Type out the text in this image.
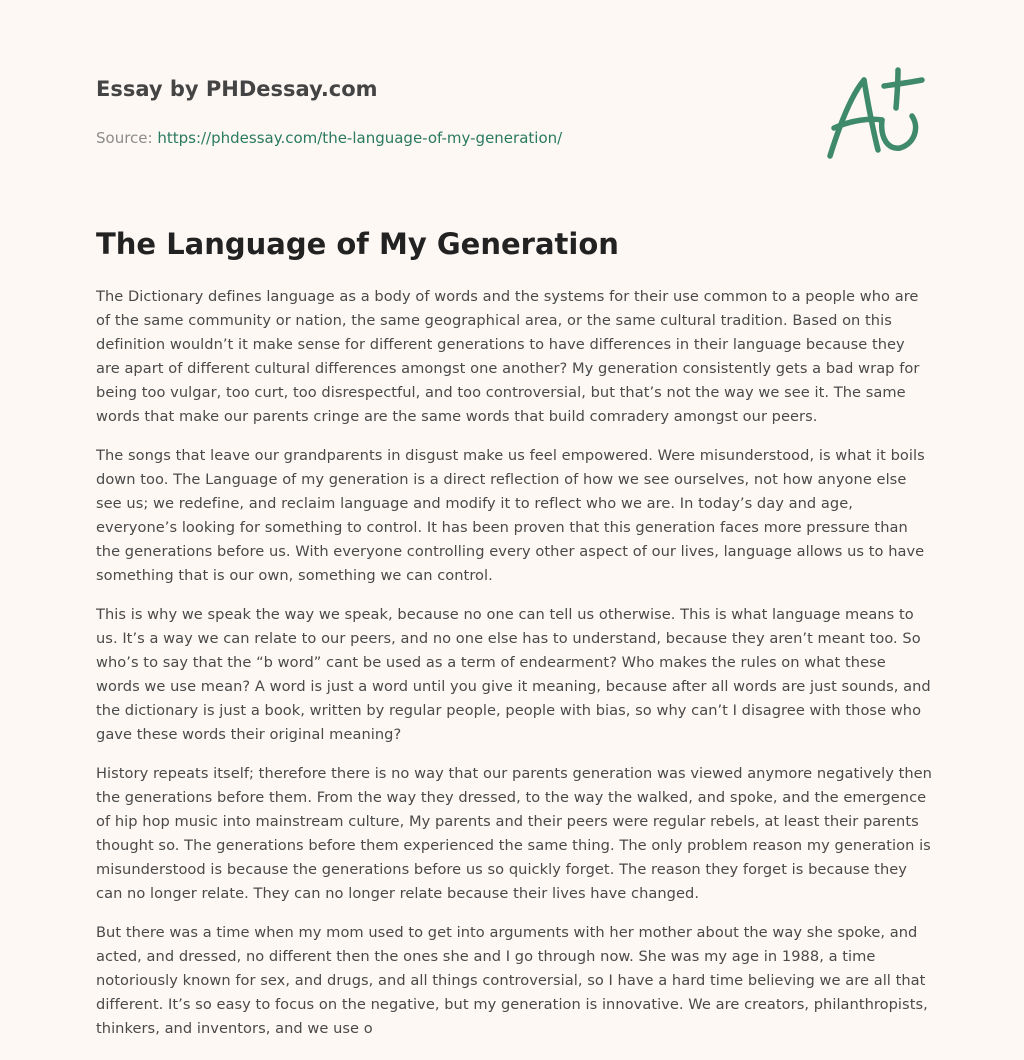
Essay by PHDessay.com
Source: https://phdessay.com/the-language-of-my-generation/
The Language of My Generation

The Dictionary defines language as a body of words and the systems for their use common to a people who are of the same community or nation, the same geographical area, or the same cultural tradition. Based on this definition wouldn’t it make sense for different generations to have differences in their language because they are apart of different cultural differences amongst one another? My generation consistently gets a bad wrap for being too vulgar, too curt, too disrespectful, and too controversial, but that’s not the way we see it. The same words that make our parents cringe are the same words that build comradery amongst our peers.

The songs that leave our grandparents in disgust make us feel empowered. Were misunderstood, is what it boils down too. The Language of my generation is a direct reflection of how we see ourselves, not how anyone else see us; we redefine, and reclaim language and modify it to reflect who we are. In today’s day and age, everyone’s looking for something to control. It has been proven that this generation faces more pressure than the generations before us. With everyone controlling every other aspect of our lives, language allows us to have something that is our own, something we can control.

This is why we speak the way we speak, because no one can tell us otherwise. This is what language means to us. It’s a way we can relate to our peers, and no one else has to understand, because they aren’t meant too. So who’s to say that the “b word” cant be used as a term of endearment? Who makes the rules on what these words we use mean? A word is just a word until you give it meaning, because after all words are just sounds, and the dictionary is just a book, written by regular people, people with bias, so why can’t I disagree with those who gave these words their original meaning?

History repeats itself; therefore there is no way that our parents generation was viewed anymore negatively then the generations before them. From the way they dressed, to the way the walked, and spoke, and the emergence of hip hop music into mainstream culture, My parents and their peers were regular rebels, at least their parents thought so. The generations before them experienced the same thing. The only problem reason my generation is misunderstood is because the generations before us so quickly forget. The reason they forget is because they can no longer relate. They can no longer relate because their lives have changed.

But there was a time when my mom used to get into arguments with her mother about the way she spoke, and acted, and dressed, no different then the ones she and I go through now. She was my age in 1988, a time notoriously known for sex, and drugs, and all things controversial, so I have a hard time believing we are all that different. It’s so easy to focus on the negative, but my generation is innovative. We are creators, philanthropists, thinkers, and inventors, and we use o
